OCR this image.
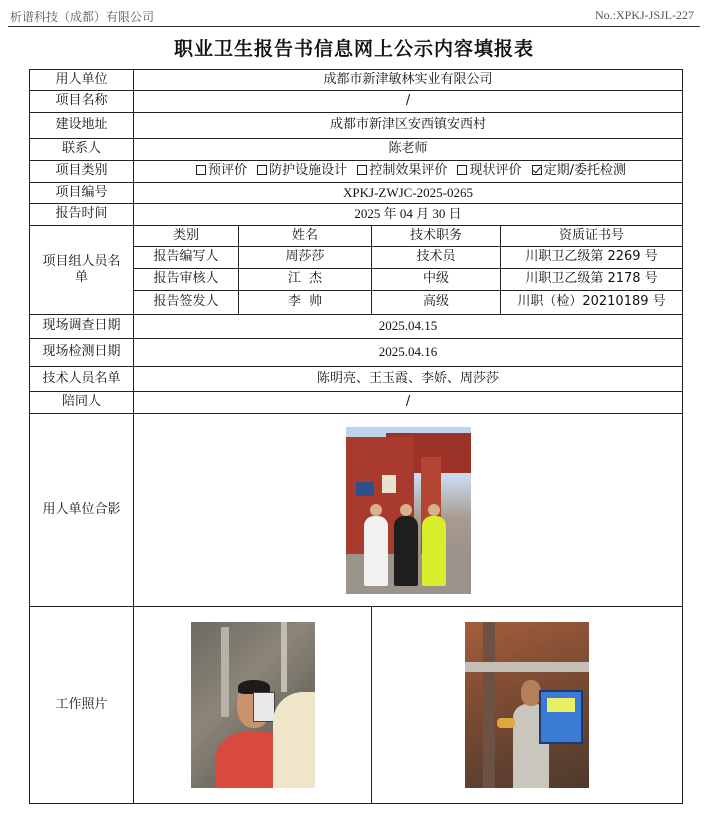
析谱科技（成都）有限公司	No.:XPKJ-JSJL-227
职业卫生报告书信息网上公示内容填报表
用人单位	成都市新津敏林实业有限公司			
项目名称	/			
建设地址	成都市新津区安西镇安西村			
联系人	陈老师			
项目类别	预评价 防护设施设计 控制效果评价 现状评价 定期/委托检测			
项目编号	XPKJ-ZWJC-2025-0265			
报告时间	2025 年 04 月 30 日			
项目组人员名单	类别	姓名	技术职务	资质证书号
	报告编写人	周莎莎	技术员	川职卫乙级第 2269 号
	报告审核人	江  杰	中级	川职卫乙级第 2178 号
	报告签发人	李  帅	高级	川职（检）20210189 号
现场调查日期	2025.04.15			
现场检测日期	2025.04.16			
技术人员名单	陈明亮、王玉霞、李娇、周莎莎			
陪同人	/			
用人单位合影				

工作照片			
